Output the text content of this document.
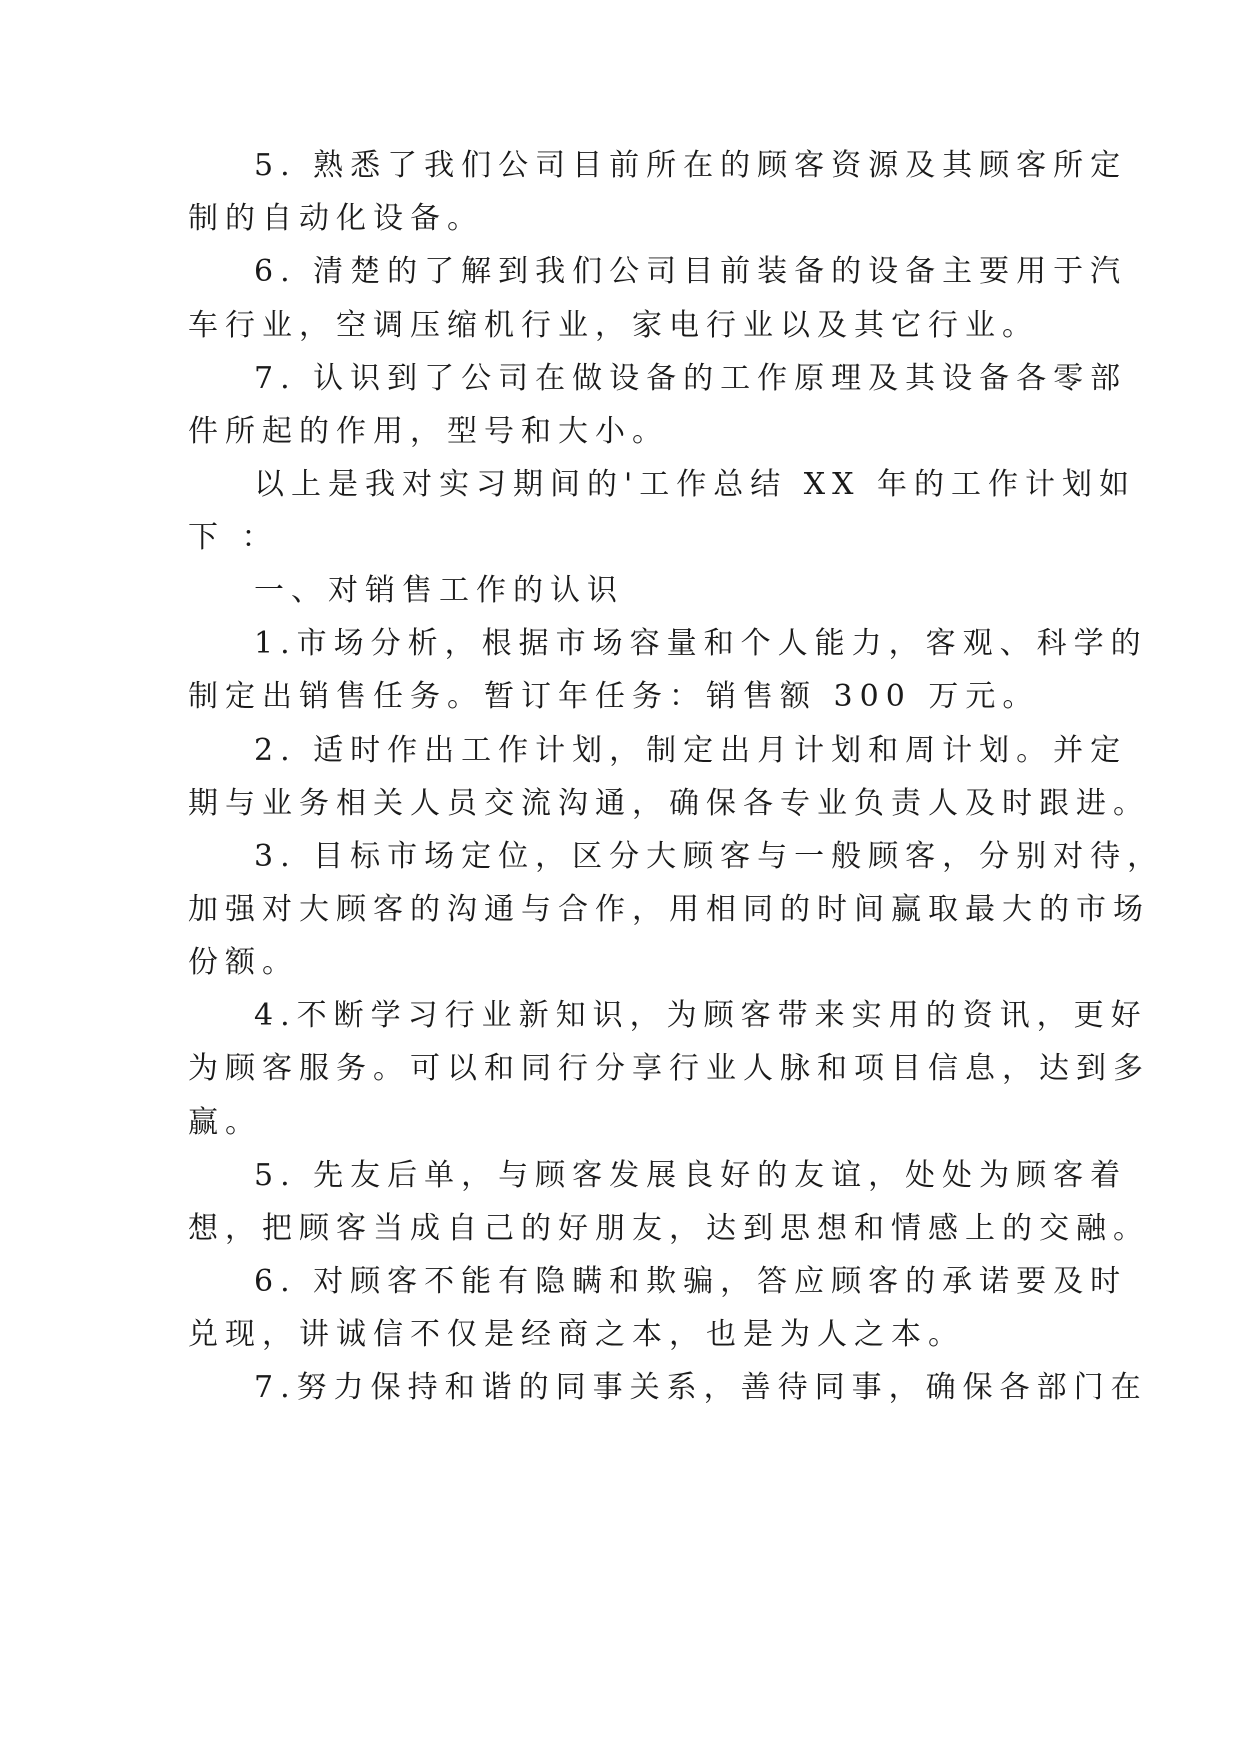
5. 熟悉了我们公司目前所在的顾客资源及其顾客所定
制的自动化设备。
6. 清楚的了解到我们公司目前装备的设备主要用于汽
车行业，空调压缩机行业，家电行业以及其它行业。
7. 认识到了公司在做设备的工作原理及其设备各零部
件所起的作用，型号和大小。
以上是我对实习期间的'工作总结 XX 年的工作计划如
下 ：
一、对销售工作的认识
1.市场分析，根据市场容量和个人能力，客观、科学的
制定出销售任务。暂订年任务：销售额 300 万元。
2. 适时作出工作计划，制定出月计划和周计划。并定
期与业务相关人员交流沟通，确保各专业负责人及时跟进。
3. 目标市场定位，区分大顾客与一般顾客，分别对待，
加强对大顾客的沟通与合作，用相同的时间赢取最大的市场
份额。
4.不断学习行业新知识，为顾客带来实用的资讯，更好
为顾客服务。可以和同行分享行业人脉和项目信息，达到多
赢。
5. 先友后单，与顾客发展良好的友谊，处处为顾客着
想，把顾客当成自己的好朋友，达到思想和情感上的交融。
6. 对顾客不能有隐瞒和欺骗，答应顾客的承诺要及时
兑现，讲诚信不仅是经商之本，也是为人之本。
7.努力保持和谐的同事关系，善待同事，确保各部门在
